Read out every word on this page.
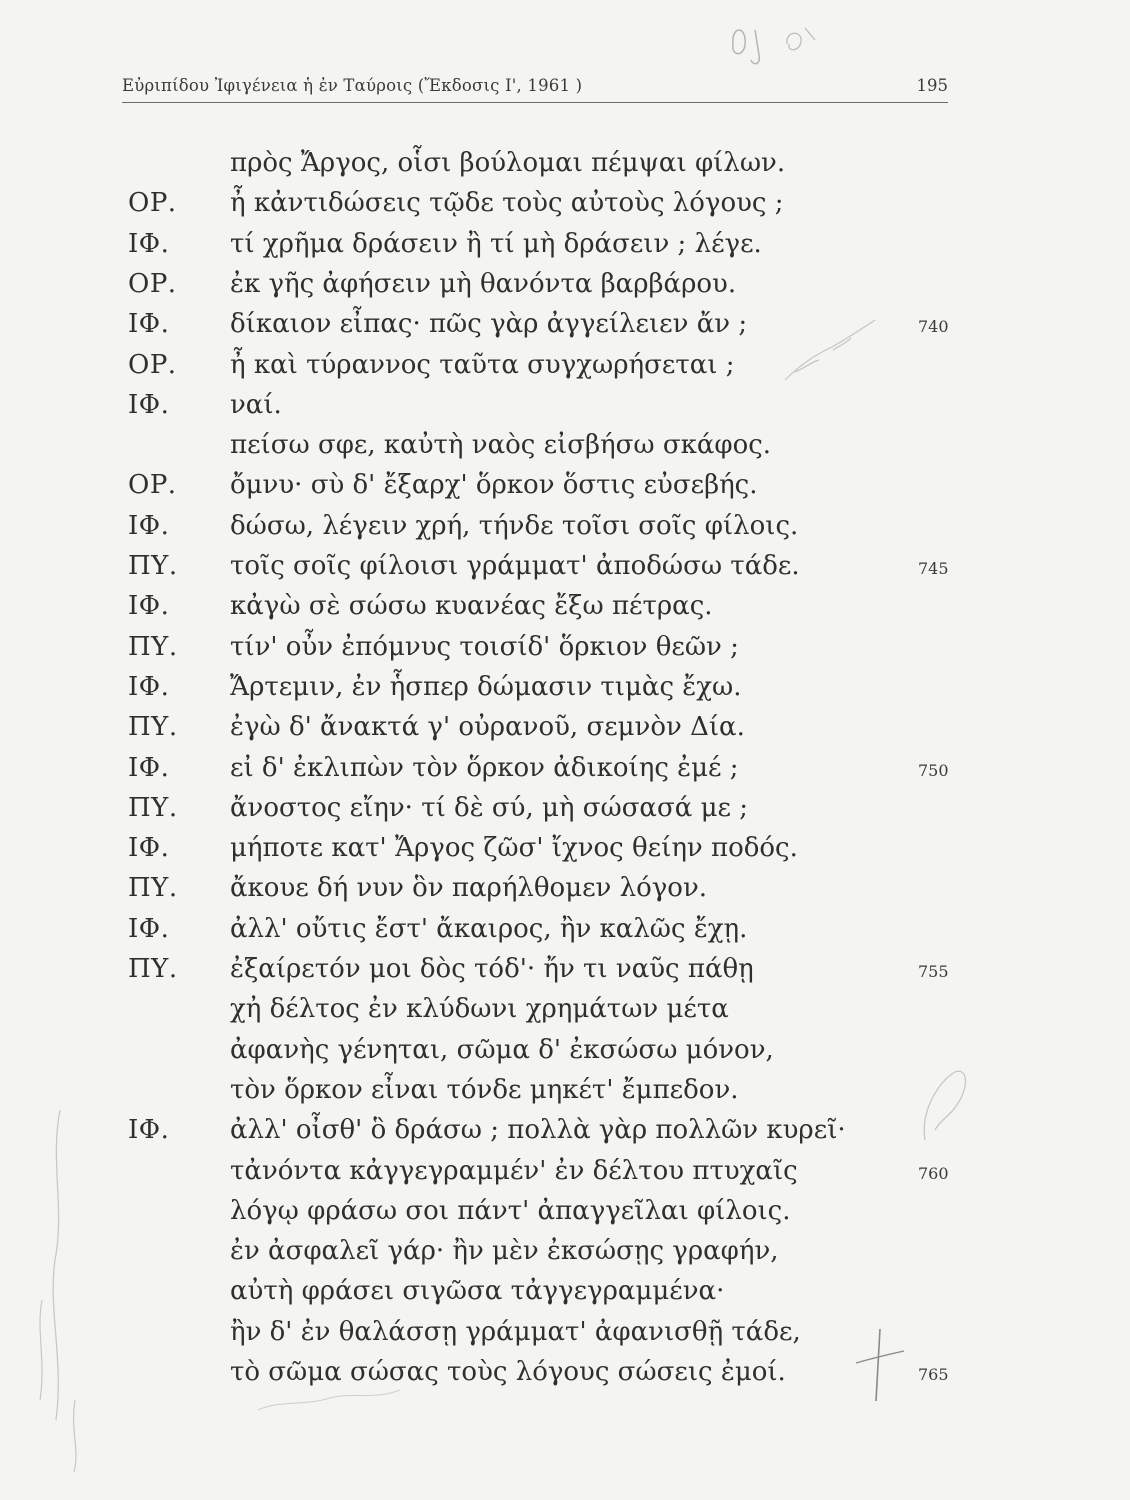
Εὐριπίδου Ἰφιγένεια ἡ ἐν Ταύροις (Ἔκδοσις Ι', 1961 )	195
πρὸς Ἄργος, οἷσι βούλομαι πέμψαι φίλων.
ΟΡ. ἦ κἀντιδώσεις τῷδε τοὺς αὐτοὺς λόγους ;
ΙΦ. τί χρῆμα δράσειν ἢ τί μὴ δράσειν ; λέγε.
ΟΡ. ἐκ γῆς ἀφήσειν μὴ θανόντα βαρβάρου.
ΙΦ. δίκαιον εἶπας· πῶς γὰρ ἀγγείλειεν ἄν ;	740
ΟΡ. ἦ καὶ τύραννος ταῦτα συγχωρήσεται ;
ΙΦ. ναί.
πείσω σφε, καὐτὴ ναὸς εἰσβήσω σκάφος.
ΟΡ. ὄμνυ· σὺ δ' ἔξαρχ' ὅρκον ὅστις εὐσεβής.
ΙΦ. δώσω, λέγειν χρή, τήνδε τοῖσι σοῖς φίλοις.
ΠΥ. τοῖς σοῖς φίλοισι γράμματ' ἀποδώσω τάδε.	745
ΙΦ. κἀγὼ σὲ σώσω κυανέας ἔξω πέτρας.
ΠΥ. τίν' οὖν ἐπόμνυς τοισίδ' ὅρκιον θεῶν ;
ΙΦ. Ἄρτεμιν, ἐν ἧσπερ δώμασιν τιμὰς ἔχω.
ΠΥ. ἐγὼ δ' ἄνακτά γ' οὐρανοῦ, σεμνὸν Δία.
ΙΦ. εἰ δ' ἐκλιπὼν τὸν ὅρκον ἀδικοίης ἐμέ ;	750
ΠΥ. ἄνοστος εἴην· τί δὲ σύ, μὴ σώσασά με ;
ΙΦ. μήποτε κατ' Ἄργος ζῶσ' ἴχνος θείην ποδός.
ΠΥ. ἄκουε δή νυν ὃν παρήλθομεν λόγον.
ΙΦ. ἀλλ' οὔτις ἔστ' ἄκαιρος, ἢν καλῶς ἔχῃ.
ΠΥ. ἐξαίρετόν μοι δὸς τόδ'· ἤν τι ναῦς πάθῃ	755
χἠ δέλτος ἐν κλύδωνι χρημάτων μέτα
ἀφανὴς γένηται, σῶμα δ' ἐκσώσω μόνον,
τὸν ὅρκον εἶναι τόνδε μηκέτ' ἔμπεδον.
ΙΦ. ἀλλ' οἶσθ' ὃ δράσω ; πολλὰ γὰρ πολλῶν κυρεῖ·
τἀνόντα κἀγγεγραμμέν' ἐν δέλτου πτυχαῖς	760
λόγῳ φράσω σοι πάντ' ἀπαγγεῖλαι φίλοις.
ἐν ἀσφαλεῖ γάρ· ἢν μὲν ἐκσώσῃς γραφήν,
αὐτὴ φράσει σιγῶσα τἀγγεγραμμένα·
ἢν δ' ἐν θαλάσσῃ γράμματ' ἀφανισθῇ τάδε,
τὸ σῶμα σώσας τοὺς λόγους σώσεις ἐμοί.	765
